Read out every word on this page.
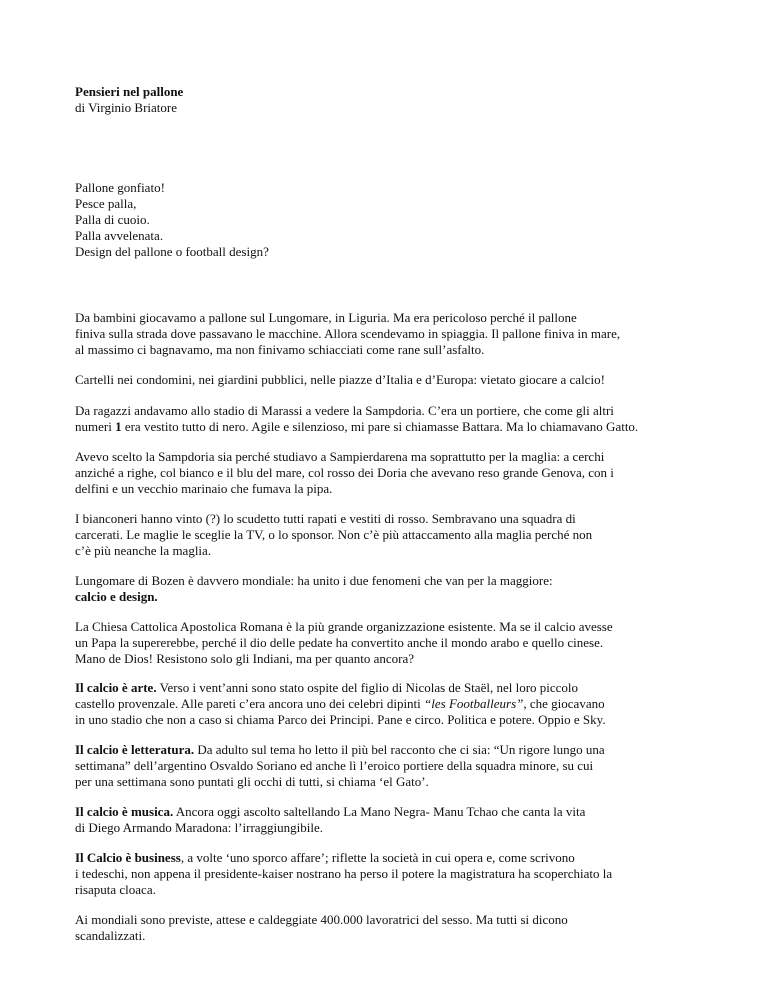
Pensieri nel pallone
di Virginio Briatore
Pallone gonfiato!
Pesce palla,
Palla di cuoio.
Palla avvelenata.
Design del pallone o football design?
Da bambini giocavamo a pallone sul Lungomare, in Liguria. Ma era pericoloso perché il pallone
finiva sulla strada dove passavano le macchine. Allora scendevamo in spiaggia. Il pallone finiva in mare,
al massimo ci bagnavamo, ma non finivamo schiacciati come rane sull’asfalto.
Cartelli nei condomini, nei giardini pubblici, nelle piazze d’Italia e d’Europa: vietato giocare a calcio!
Da ragazzi andavamo allo stadio di Marassi a vedere la Sampdoria. C’era un portiere, che come gli altri
numeri 1 era vestito tutto di nero. Agile e silenzioso, mi pare si chiamasse Battara. Ma lo chiamavano Gatto.
Avevo scelto la Sampdoria sia perché studiavo a Sampierdarena ma soprattutto per la maglia: a cerchi
anziché a righe, col bianco e il blu del mare, col rosso dei Doria che avevano reso grande Genova, con i
delfini e un vecchio marinaio che fumava la pipa.
I bianconeri hanno vinto (?) lo scudetto tutti rapati e vestiti di rosso. Sembravano una squadra di
carcerati. Le maglie le sceglie la TV, o lo sponsor. Non c’è più attaccamento alla maglia perché non
c’è più neanche la maglia.
Lungomare di Bozen è davvero mondiale: ha unito i due fenomeni che van per la maggiore:
calcio e design.
La Chiesa Cattolica Apostolica Romana è la più grande organizzazione esistente. Ma se il calcio avesse
un Papa la supererebbe, perché il dio delle pedate ha convertito anche il mondo arabo e quello cinese.
Mano de Dios! Resistono solo gli Indiani, ma per quanto ancora?
Il calcio è arte. Verso i vent’anni sono stato ospite del figlio di Nicolas de Staël, nel loro piccolo
castello provenzale. Alle pareti c’era ancora uno dei celebri dipinti “les Footballeurs”, che giocavano
in uno stadio che non a caso si chiama Parco dei Principi. Pane e circo. Politica e potere. Oppio e Sky.
Il calcio è letteratura. Da adulto sul tema ho letto il più bel racconto che ci sia: “Un rigore lungo una
settimana” dell’argentino Osvaldo Soriano ed anche lì l’eroico portiere della squadra minore, su cui
per una settimana sono puntati gli occhi di tutti, si chiama ‘el Gato’.
Il calcio è musica. Ancora oggi ascolto saltellando La Mano Negra- Manu Tchao che canta la vita
di Diego Armando Maradona: l’irraggiungibile.
Il Calcio è business, a volte ‘uno sporco affare’; riflette la società in cui opera e, come scrivono
i tedeschi, non appena il presidente-kaiser nostrano ha perso il potere la magistratura ha scoperchiato la
risaputa cloaca.
Ai mondiali sono previste, attese e caldeggiate 400.000 lavoratrici del sesso. Ma tutti si dicono
scandalizzati.
